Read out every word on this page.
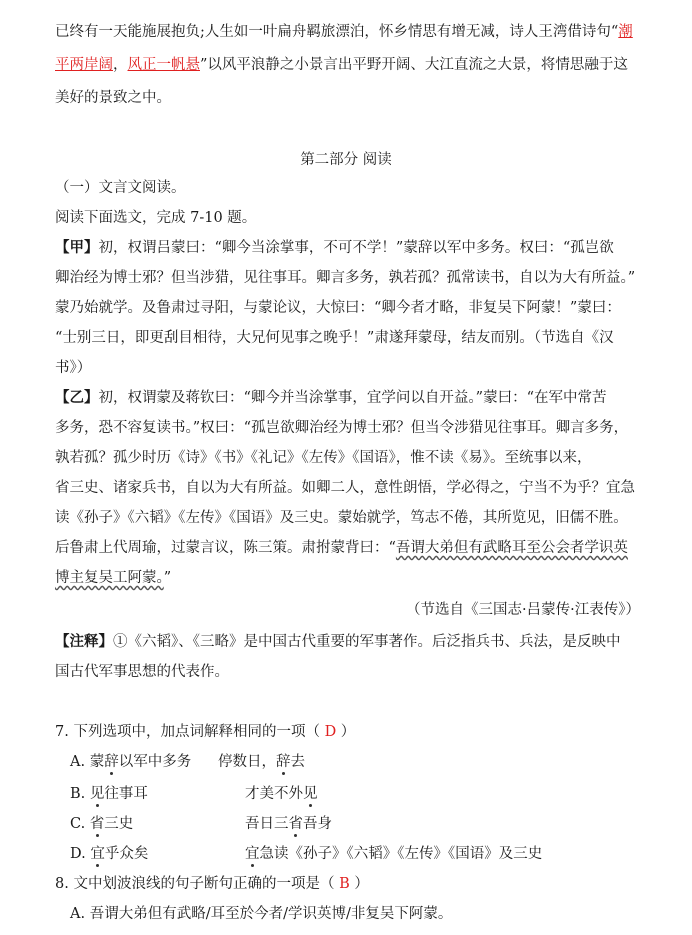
已终有一天能施展抱负;人生如一叶扁舟羁旅漂泊，怀乡情思有增无减，诗人王湾借诗句“潮
平两岸阔，风正一帆悬”以风平浪静之小景言出平野开阔、大江直流之大景，将情思融于这
美好的景致之中。
第二部分 阅读
（一）文言文阅读。
阅读下面选文，完成 7-10 题。
【甲】初，权谓吕蒙曰：“卿今当涂掌事，不可不学！”蒙辞以军中多务。权曰：“孤岂欲
卿治经为博士邪？但当涉猎，见往事耳。卿言多务，孰若孤？孤常读书，自以为大有所益。”
蒙乃始就学。及鲁肃过寻阳，与蒙论议，大惊曰：“卿今者才略，非复吴下阿蒙！”蒙曰：
“士别三日，即更刮目相待，大兄何见事之晚乎！”肃遂拜蒙母，结友而别。（节选自《汉
书》）
【乙】初，权谓蒙及蒋钦曰：“卿今并当涂掌事，宜学问以自开益。”蒙曰：“在军中常苦
多务，恐不容复读书。”权曰：“孤岂欲卿治经为博士邪？但当令涉猎见往事耳。卿言多务，
孰若孤？孤少时历《诗》《书》《礼记》《左传》《国语》，惟不读《易》。至统事以来，
省三史、诸家兵书，自以为大有所益。如卿二人，意性朗悟，学必得之，宁当不为乎？宜急
读《孙子》《六韬》《左传》《国语》及三史。蒙始就学，笃志不倦，其所览见，旧儒不胜。
后鲁肃上代周瑜，过蒙言议，陈三策。肃拊蒙背曰：“吾谓大弟但有武略耳至公会者学识英
博主复吴工阿蒙。”
（节选自《三国志·吕蒙传·江表传》）
【注释】①《六韬》、《三略》是中国古代重要的军事著作。后泛指兵书、兵法，是反映中
国古代军事思想的代表作。
7. 下列选项中，加点词解释相同的一项（ D ）
A. 蒙辞以军中多务 停数日，辞去
B. 见往事耳	才美不外见
C. 省三史	吾日三省吾身
D. 宜乎众矣	宜急读《孙子》《六韬》《左传》《国语》及三史
8. 文中划波浪线的句子断句正确的一项是（ B ）
A. 吾谓大弟但有武略/耳至於今者/学识英博/非复吴下阿蒙。
